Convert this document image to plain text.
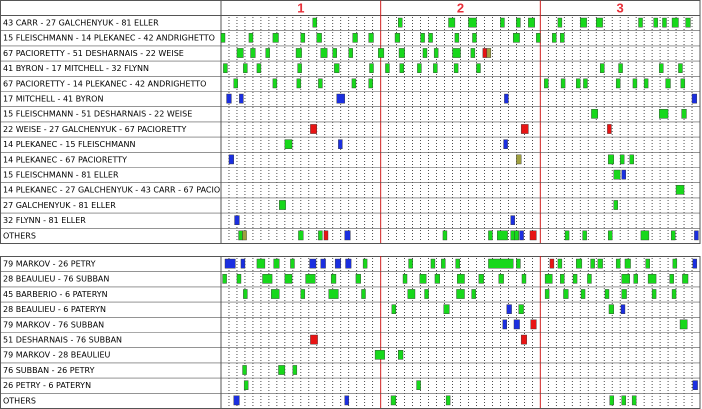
1	2	3
43 CARR - 27 GALCHENYUK - 81 ELLER
15 FLEISCHMANN - 14 PLEKANEC - 42 ANDRIGHETTO
67 PACIORETTY - 51 DESHARNAIS - 22 WEISE
41 BYRON - 17 MITCHELL - 32 FLYNN
67 PACIORETTY - 14 PLEKANEC - 42 ANDRIGHETTO
17 MITCHELL - 41 BYRON
15 FLEISCHMANN - 51 DESHARNAIS - 22 WEISE
22 WEISE - 27 GALCHENYUK - 67 PACIORETTY
14 PLEKANEC - 15 FLEISCHMANN
14 PLEKANEC - 67 PACIORETTY
15 FLEISCHMANN - 81 ELLER
14 PLEKANEC - 27 GALCHENYUK - 43 CARR - 67 PACIO
27 GALCHENYUK - 81 ELLER
32 FLYNN - 81 ELLER
OTHERS
79 MARKOV - 26 PETRY
28 BEAULIEU - 76 SUBBAN
45 BARBERIO - 6 PATERYN
28 BEAULIEU - 6 PATERYN
79 MARKOV - 76 SUBBAN
51 DESHARNAIS - 76 SUBBAN
79 MARKOV - 28 BEAULIEU
76 SUBBAN - 26 PETRY
26 PETRY - 6 PATERYN
OTHERS
